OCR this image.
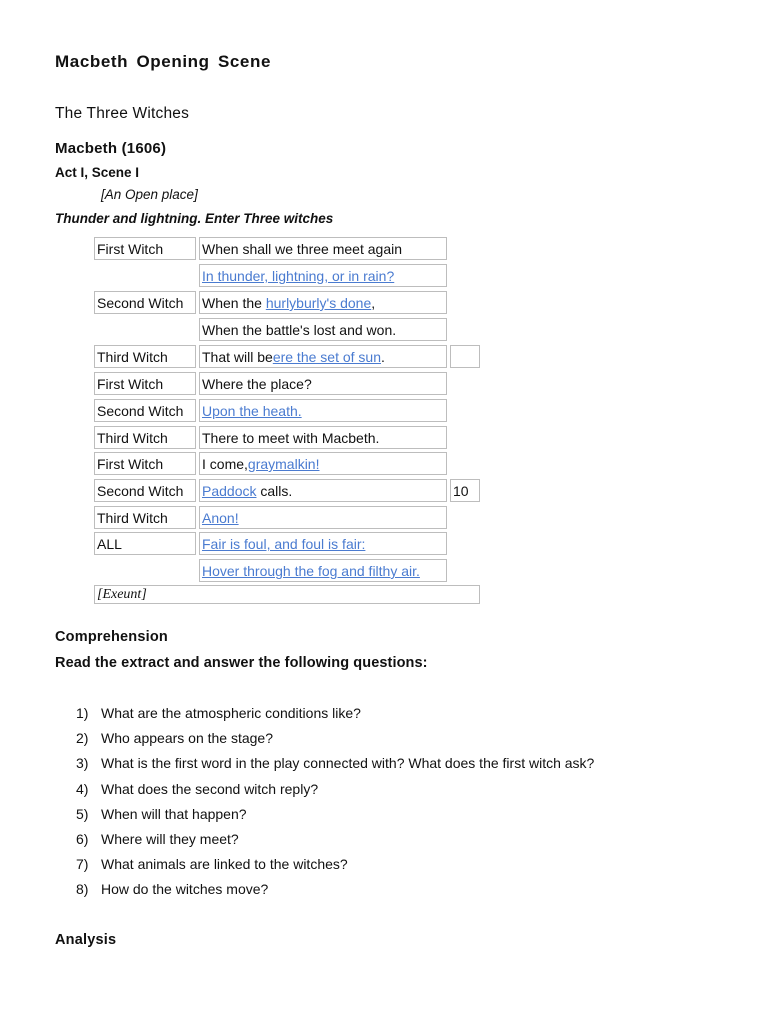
Macbeth Opening Scene
The Three Witches
Macbeth (1606)
Act I, Scene I
[An Open place]
Thunder and lightning. Enter Three witches
First Witch	When shall we three meet again
In thunder, lightning, or in rain?
Second Witch	When the hurlyburly's done,
When the battle's lost and won.
Third Witch	That will beere the set of sun.
First Witch	Where the place?
Second Witch	Upon the heath.
Third Witch	There to meet with Macbeth.
First Witch	I come,graymalkin!
Second Witch	Paddock calls.	10
Third Witch	Anon!
ALL	Fair is foul, and foul is fair:
Hover through the fog and filthy air.
[Exeunt]
Comprehension
Read the extract and answer the following questions:
1) What are the atmospheric conditions like?
2) Who appears on the stage?
3) What is the first word in the play connected with? What does the first witch ask?
4) What does the second witch reply?
5) When will that happen?
6) Where will they meet?
7) What animals are linked to the witches?
8) How do the witches move?
Analysis
